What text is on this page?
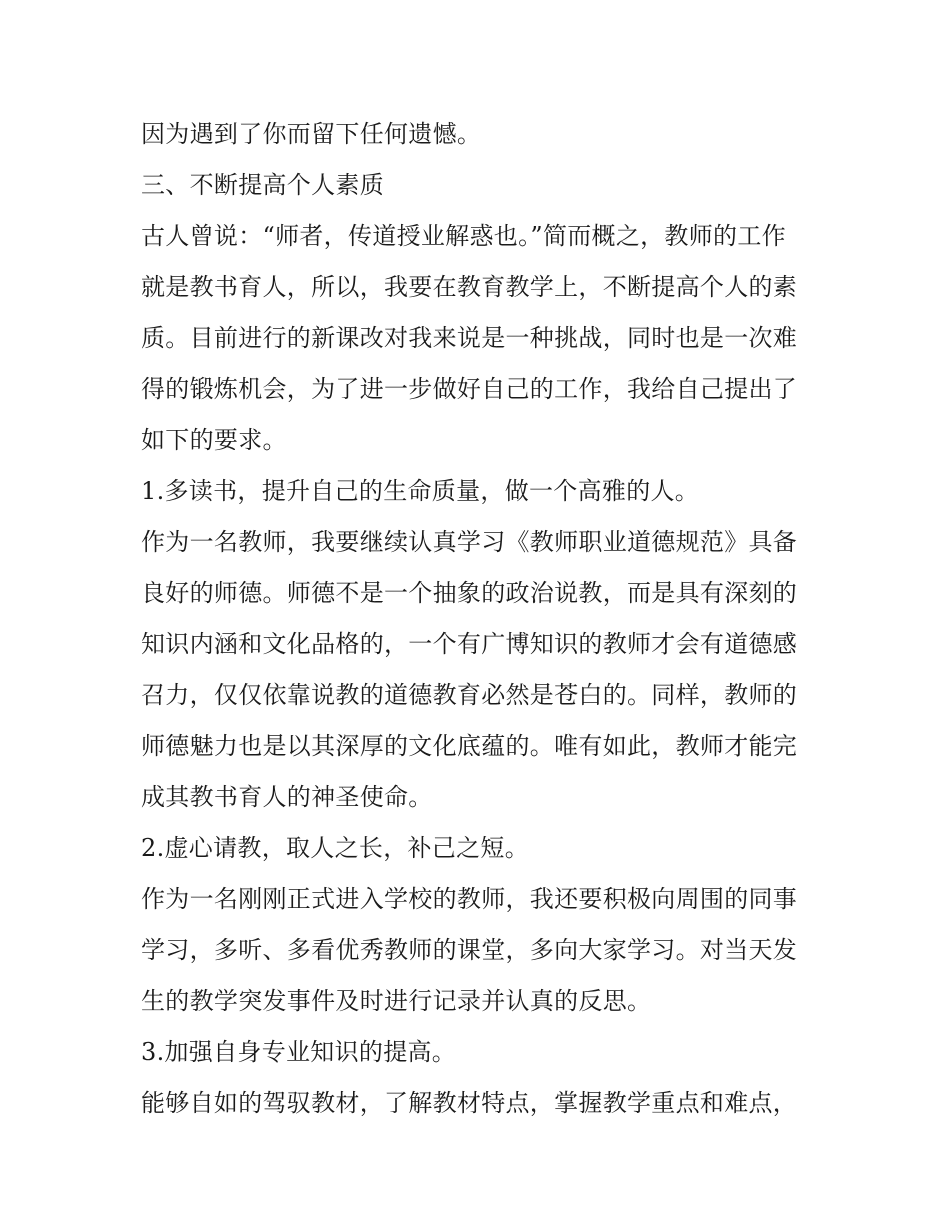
因为遇到了你而留下任何遗憾。
三、不断提高个人素质
古人曾说：“师者，传道授业解惑也。”简而概之，教师的工作
就是教书育人，所以，我要在教育教学上，不断提高个人的素
质。目前进行的新课改对我来说是一种挑战，同时也是一次难
得的锻炼机会，为了进一步做好自己的工作，我给自己提出了
如下的要求。
1.多读书，提升自己的生命质量，做一个高雅的人。
作为一名教师，我要继续认真学习《教师职业道德规范》具备
良好的师德。师德不是一个抽象的政治说教，而是具有深刻的
知识内涵和文化品格的，一个有广博知识的教师才会有道德感
召力，仅仅依靠说教的道德教育必然是苍白的。同样，教师的
师德魅力也是以其深厚的文化底蕴的。唯有如此，教师才能完
成其教书育人的神圣使命。
2.虚心请教，取人之长，补己之短。
作为一名刚刚正式进入学校的教师，我还要积极向周围的同事
学习，多听、多看优秀教师的课堂，多向大家学习。对当天发
生的教学突发事件及时进行记录并认真的反思。
3.加强自身专业知识的提高。
能够自如的驾驭教材，了解教材特点，掌握教学重点和难点，
